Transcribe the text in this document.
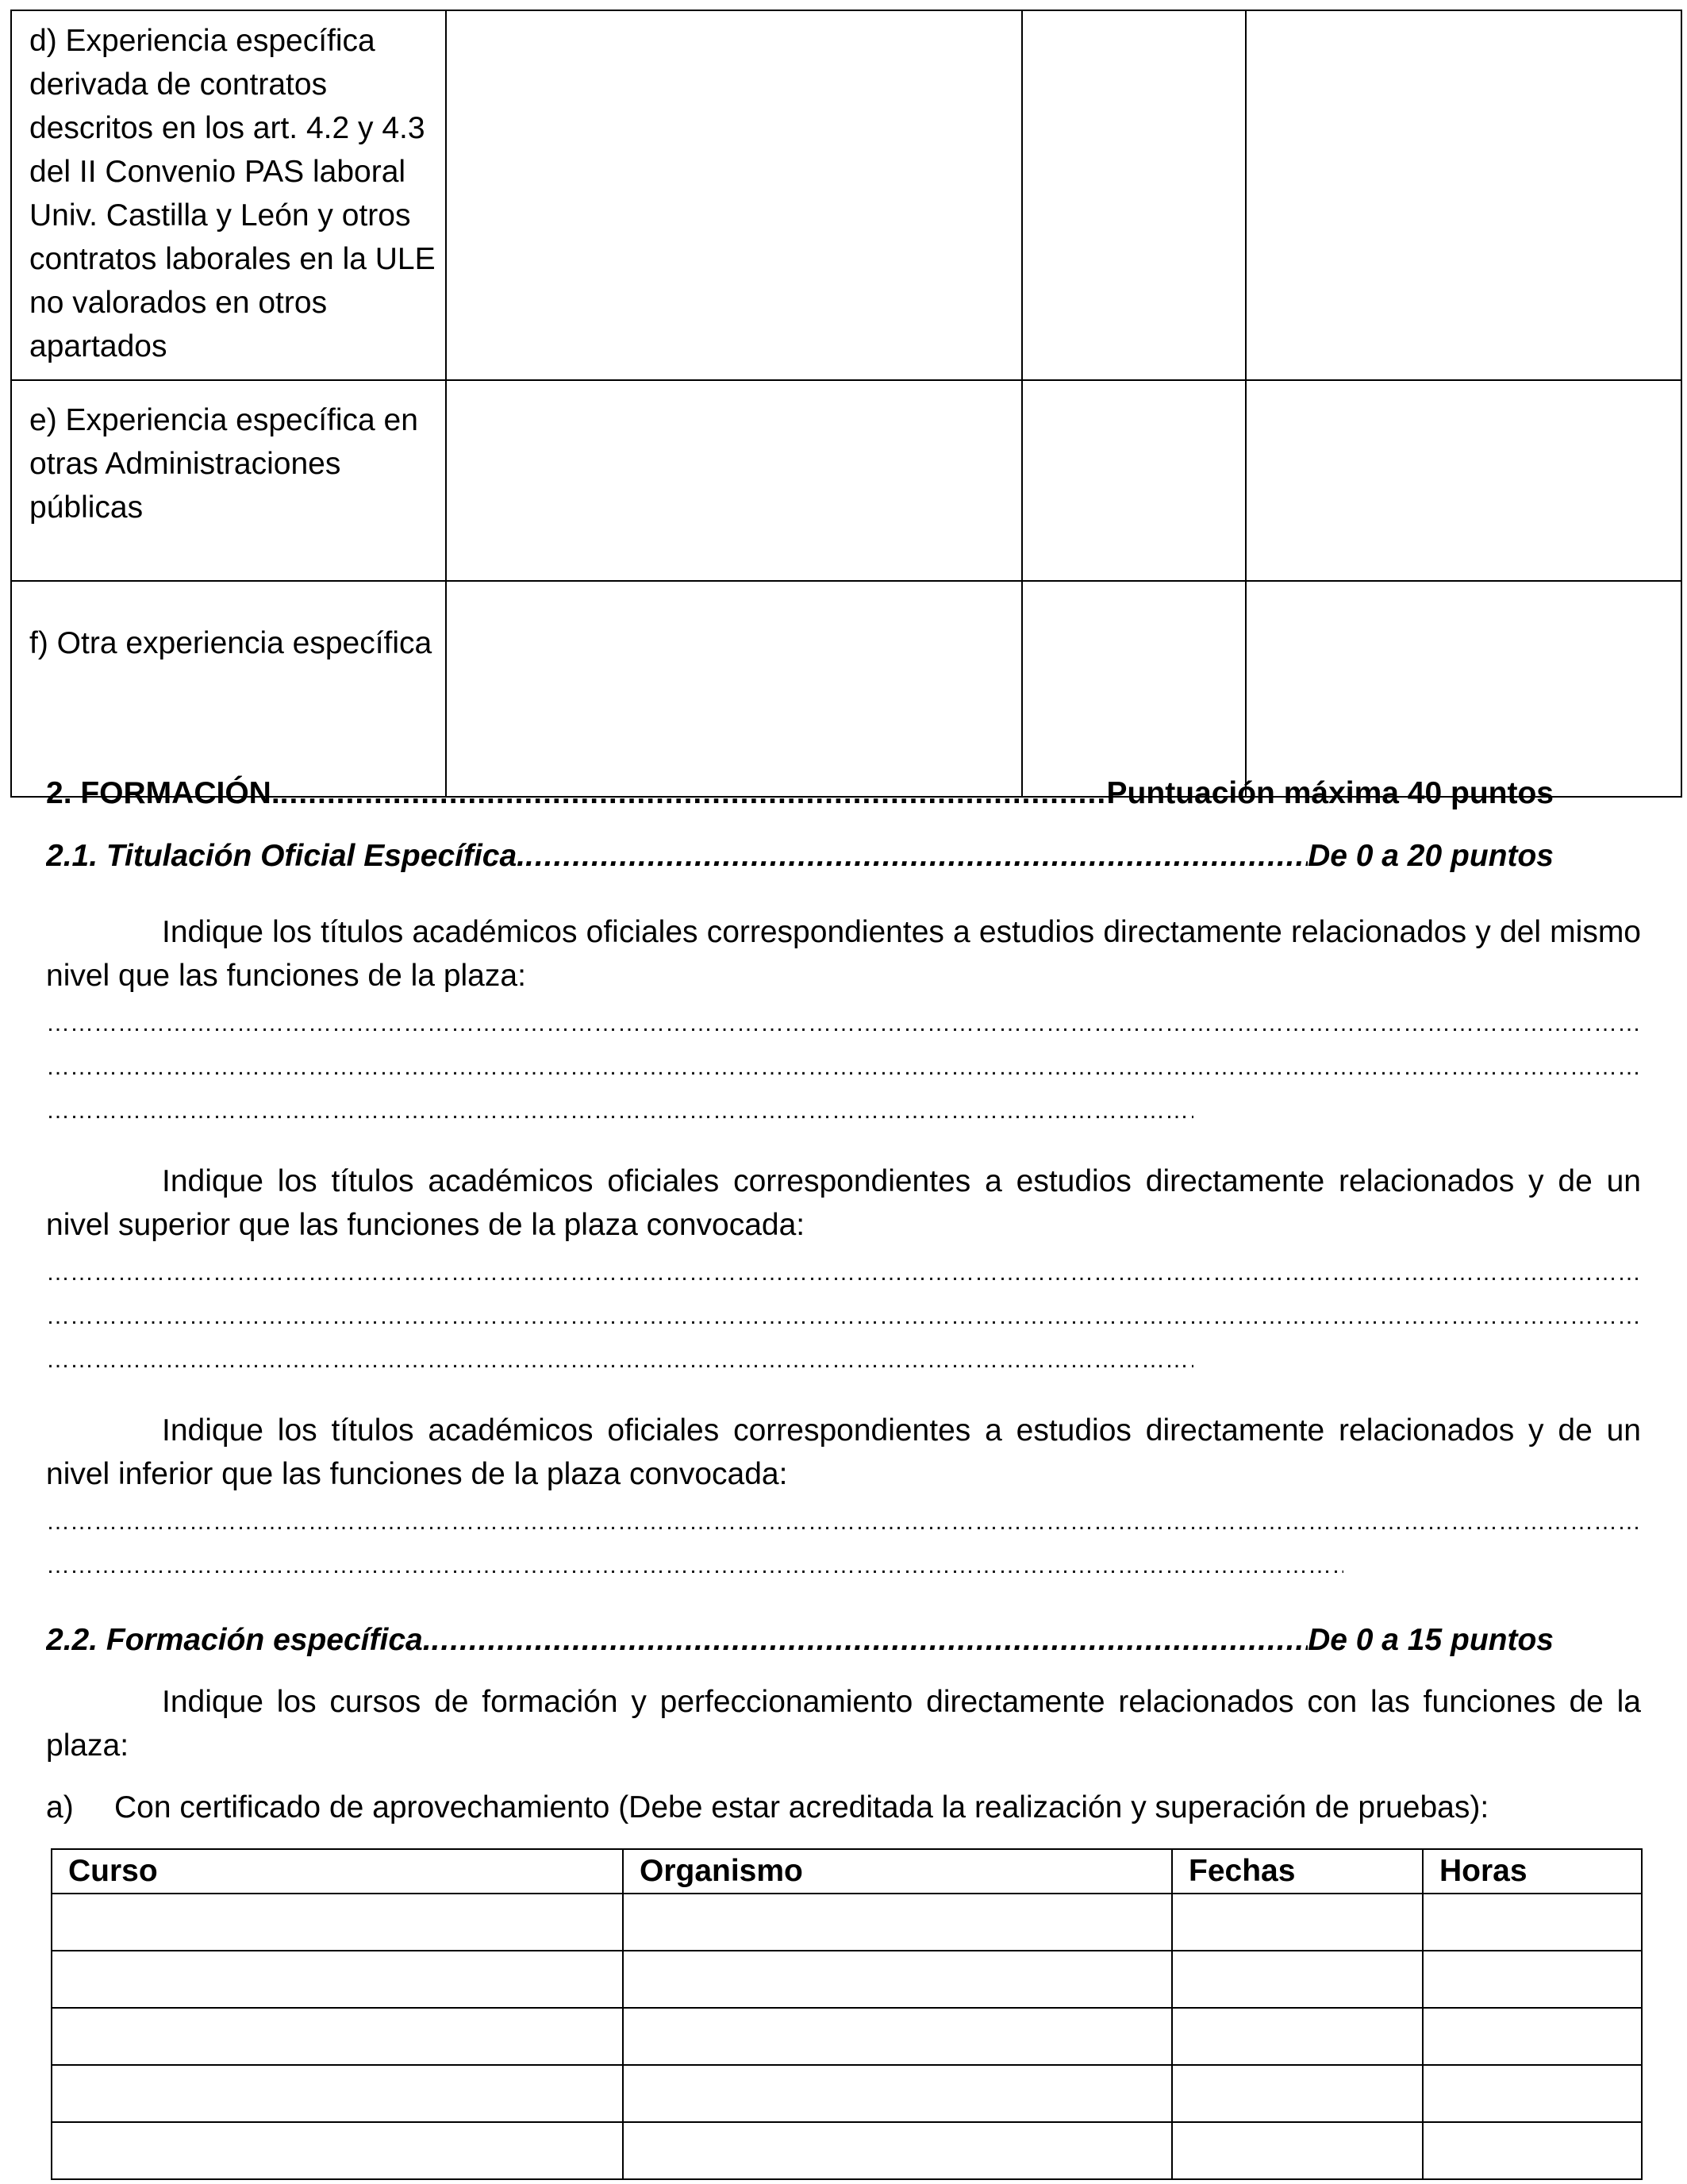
d) Experiencia específica derivada de contratos descritos en los art. 4.2 y 4.3 del II Convenio PAS laboral Univ. Castilla y León y otros contratos laborales en la ULE no valorados en otros apartados			
e) Experiencia específica en otras Administraciones públicas			
f) Otra experiencia específica			
2. FORMACIÓN. .....	Puntuación máxima 40 puntos
2.1. Titulación Oficial Específica. .....	De 0 a 20 puntos
Indique los títulos académicos oficiales correspondientes a estudios directamente relacionados y del mismo nivel que las funciones de la plaza:
……………………………………………………………………………………………………………………………………………………………………………………………………………………………………………………………………………………………………………………………………………………………………………………………………………………………………
……………………………………………………………………………………………………………………………………………………………………………………………………………………………………………………………………………………………………………………………………………………………………………………………………………………………………
……………………………………………………………………………………………………………………………………………………………………………………………………………………………………………………………………………………………………………………………………………………………………………………………………………………………………
Indique los títulos académicos oficiales correspondientes a estudios directamente relacionados y de un nivel superior que las funciones de la plaza convocada:
……………………………………………………………………………………………………………………………………………………………………………………………………………………………………………………………………………………………………………………………………………………………………………………………………………………………………
……………………………………………………………………………………………………………………………………………………………………………………………………………………………………………………………………………………………………………………………………………………………………………………………………………………………………
……………………………………………………………………………………………………………………………………………………………………………………………………………………………………………………………………………………………………………………………………………………………………………………………………………………………………
Indique los títulos académicos oficiales correspondientes a estudios directamente relacionados y de un nivel inferior que las funciones de la plaza convocada:
……………………………………………………………………………………………………………………………………………………………………………………………………………………………………………………………………………………………………………………………………………………………………………………………………………………………………
……………………………………………………………………………………………………………………………………………………………………………………………………………………………………………………………………………………………………………………………………………………………………………………………………………………………………
2.2. Formación específica. .....	De 0 a 15 puntos
Indique los cursos de formación y perfeccionamiento directamente relacionados con las funciones de la plaza:
a) Con certificado de aprovechamiento (Debe estar acreditada la realización y superación de pruebas):
Curso	Organismo	Fechas	Horas
